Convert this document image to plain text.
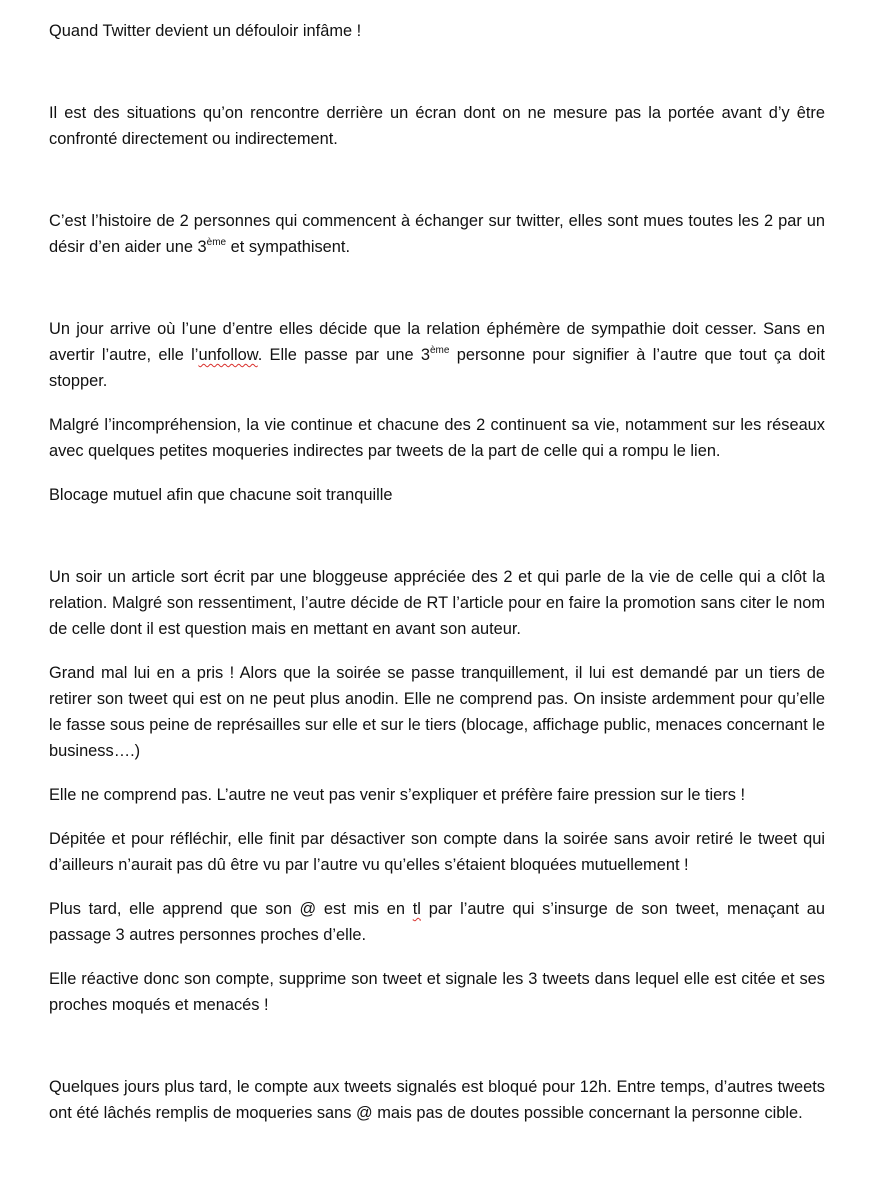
Quand Twitter devient un défouloir infâme !

Il est des situations qu’on rencontre derrière un écran dont on ne mesure pas la portée avant d’y être confronté directement ou indirectement.

C’est l’histoire de 2 personnes qui commencent à échanger sur twitter, elles sont mues toutes les 2 par un désir d’en aider une 3ème et sympathisent.

Un jour arrive où l’une d’entre elles décide que la relation éphémère de sympathie doit cesser. Sans en avertir l’autre, elle l’unfollow. Elle passe par une 3ème personne pour signifier à l’autre que tout ça doit stopper.

Malgré l’incompréhension, la vie continue et chacune des 2 continuent sa vie, notamment sur les réseaux avec quelques petites moqueries indirectes par tweets de la part de celle qui a rompu le lien.

Blocage mutuel afin que chacune soit tranquille

Un soir un article sort écrit par une bloggeuse appréciée des 2 et qui parle de la vie de celle qui a clôt la relation. Malgré son ressentiment, l’autre décide de RT l’article pour en faire la promotion sans citer le nom de celle dont il est question mais en mettant en avant son auteur.

Grand mal lui en a pris ! Alors que la soirée se passe tranquillement, il lui est demandé par un tiers de retirer son tweet qui est on ne peut plus anodin. Elle ne comprend pas. On insiste ardemment pour qu’elle le fasse sous peine de représailles sur elle et sur le tiers (blocage, affichage public, menaces concernant le business….)

Elle ne comprend pas. L’autre ne veut pas venir s’expliquer et préfère faire pression sur le tiers !

Dépitée et pour réfléchir, elle finit par désactiver son compte dans la soirée sans avoir retiré le tweet qui d’ailleurs n’aurait pas dû être vu par l’autre vu qu’elles s’étaient bloquées mutuellement !

Plus tard, elle apprend que son @ est mis en tl par l’autre qui s’insurge de son tweet, menaçant au passage 3 autres personnes proches d’elle.

Elle réactive donc son compte, supprime son tweet et signale les 3 tweets dans lequel elle est citée et ses proches moqués et menacés !

Quelques jours plus tard, le compte aux tweets signalés est bloqué pour 12h. Entre temps, d’autres tweets ont été lâchés remplis de moqueries sans @ mais pas de doutes possible concernant la personne cible.
